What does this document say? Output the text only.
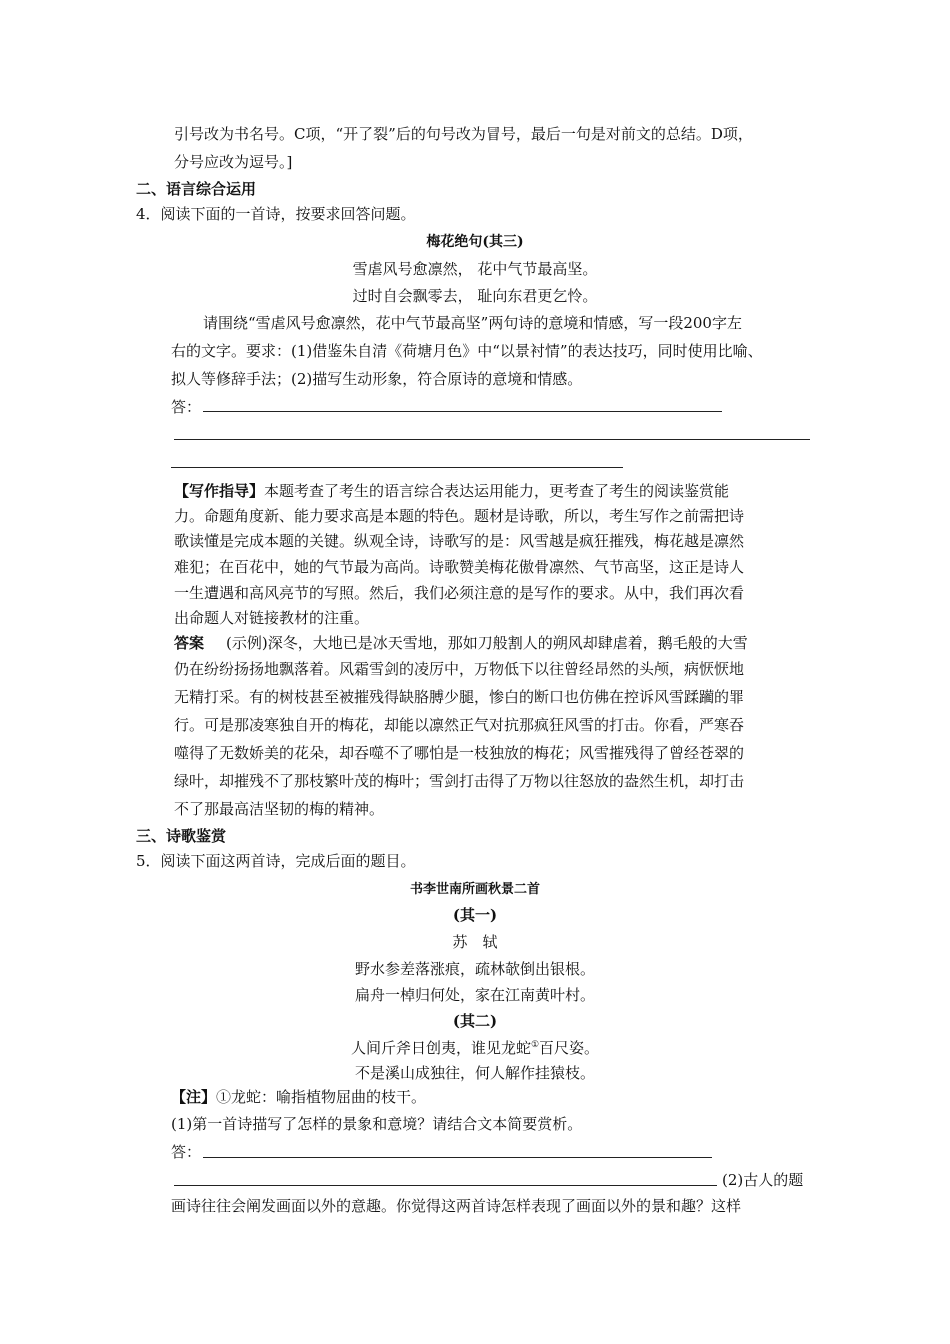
引号改为书名号。C项，“开了裂”后的句号改为冒号，最后一句是对前文的总结。D项，
分号应改为逗号。]
二、语言综合运用
4．阅读下面的一首诗，按要求回答问题。
梅花绝句(其三)
雪虐风号愈凛然， 花中气节最高坚。
过时自会飘零去， 耻向东君更乞怜。
请围绕“雪虐风号愈凛然，花中气节最高坚”两句诗的意境和情感，写一段200字左
右的文字。要求：(1)借鉴朱自清《荷塘月色》中“以景衬情”的表达技巧，同时使用比喻、
拟人等修辞手法；(2)描写生动形象，符合原诗的意境和情感。
答：
【写作指导】本题考查了考生的语言综合表达运用能力，更考查了考生的阅读鉴赏能
力。命题角度新、能力要求高是本题的特色。题材是诗歌，所以，考生写作之前需把诗
歌读懂是完成本题的关键。纵观全诗，诗歌写的是：风雪越是疯狂摧残，梅花越是凛然
难犯；在百花中，她的气节最为高尚。诗歌赞美梅花傲骨凛然、气节高坚，这正是诗人
一生遭遇和高风亮节的写照。然后，我们必须注意的是写作的要求。从中，我们再次看
出命题人对链接教材的注重。
答案 (示例)深冬，大地已是冰天雪地，那如刀般割人的朔风却肆虐着，鹅毛般的大雪
仍在纷纷扬扬地飘落着。风霜雪剑的凌厉中，万物低下以往曾经昂然的头颅，病恹恹地
无精打采。有的树枝甚至被摧残得缺胳膊少腿，惨白的断口也仿佛在控诉风雪蹂躏的罪
行。可是那凌寒独自开的梅花，却能以凛然正气对抗那疯狂风雪的打击。你看，严寒吞
噬得了无数娇美的花朵，却吞噬不了哪怕是一枝独放的梅花；风雪摧残得了曾经苍翠的
绿叶，却摧残不了那枝繁叶茂的梅叶；雪剑打击得了万物以往怒放的盎然生机，却打击
不了那最高洁坚韧的梅的精神。
三、诗歌鉴赏
5．阅读下面这两首诗，完成后面的题目。
书李世南所画秋景二首
(其一)
苏　轼
野水参差落涨痕，疏林欹倒出银根。
扁舟一棹归何处，家在江南黄叶村。
(其二)
人间斤斧日创夷，谁见龙蛇①百尺姿。
不是溪山成独往，何人解作挂猿枝。
【注】①龙蛇：喻指植物屈曲的枝干。
(1)第一首诗描写了怎样的景象和意境？请结合文本简要赏析。
答：
(2)古人的题
画诗往往会阐发画面以外的意趣。你觉得这两首诗怎样表现了画面以外的景和趣？这样
